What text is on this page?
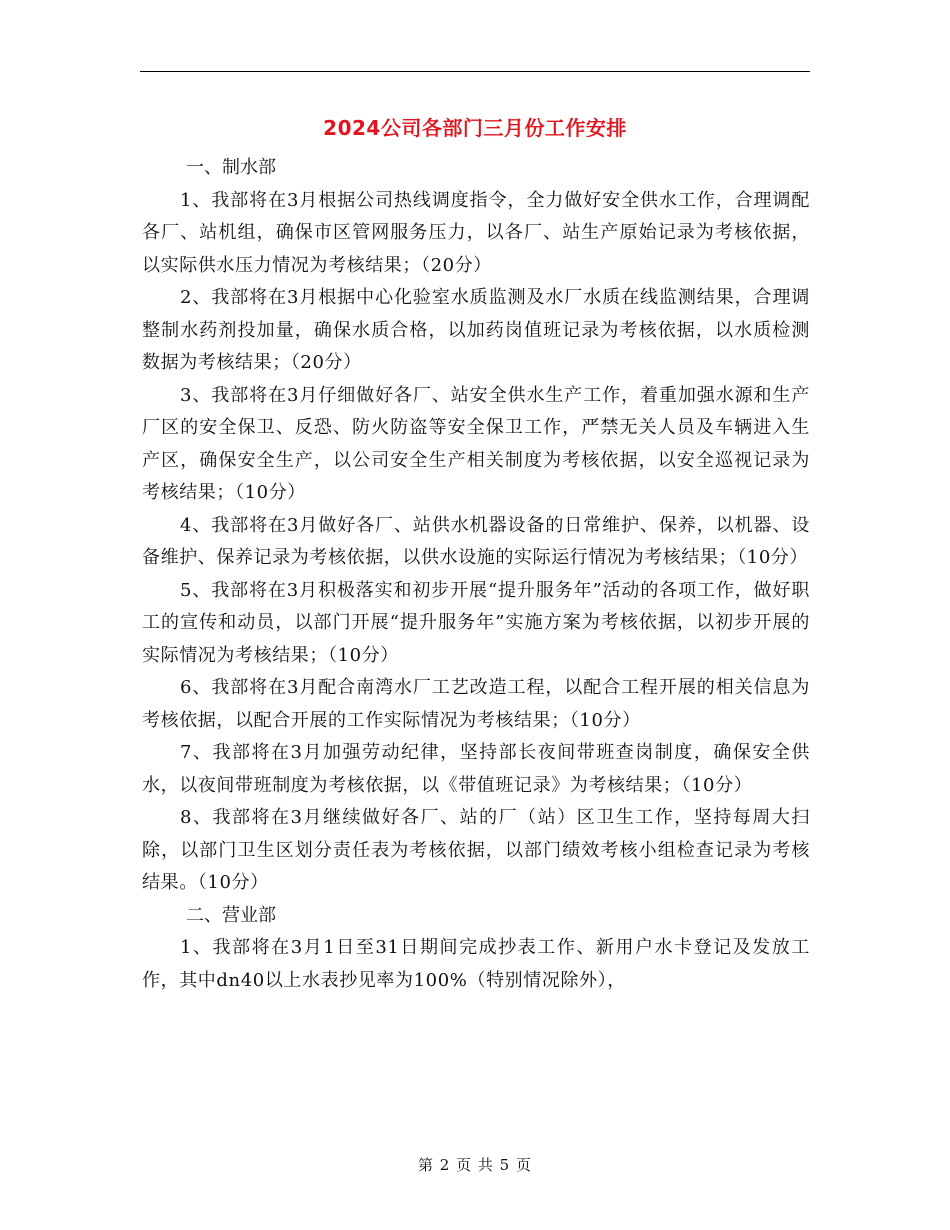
2024公司各部门三月份工作安排

一、制水部

1、我部将在3月根据公司热线调度指令，全力做好安全供水工作，合理调配各厂、站机组，确保市区管网服务压力，以各厂、站生产原始记录为考核依据，以实际供水压力情况为考核结果；（20分）

2、我部将在3月根据中心化验室水质监测及水厂水质在线监测结果，合理调整制水药剂投加量，确保水质合格，以加药岗值班记录为考核依据，以水质检测数据为考核结果；（20分）

3、我部将在3月仔细做好各厂、站安全供水生产工作，着重加强水源和生产厂区的安全保卫、反恐、防火防盗等安全保卫工作，严禁无关人员及车辆进入生产区，确保安全生产，以公司安全生产相关制度为考核依据，以安全巡视记录为考核结果；（10分）

4、我部将在3月做好各厂、站供水机器设备的日常维护、保养，以机器、设备维护、保养记录为考核依据，以供水设施的实际运行情况为考核结果；（10分）

5、我部将在3月积极落实和初步开展“提升服务年”活动的各项工作，做好职工的宣传和动员，以部门开展“提升服务年”实施方案为考核依据，以初步开展的实际情况为考核结果；（10分）

6、我部将在3月配合南湾水厂工艺改造工程，以配合工程开展的相关信息为考核依据，以配合开展的工作实际情况为考核结果；（10分）

7、我部将在3月加强劳动纪律，坚持部长夜间带班查岗制度，确保安全供水，以夜间带班制度为考核依据，以《带值班记录》为考核结果；（10分）

8、我部将在3月继续做好各厂、站的厂（站）区卫生工作，坚持每周大扫除，以部门卫生区划分责任表为考核依据，以部门绩效考核小组检查记录为考核结果。（10分）

二、营业部

1、我部将在3月1日至31日期间完成抄表工作、新用户水卡登记及发放工作，其中dn40以上水表抄见率为100%（特别情况除外），

第 2 页 共 5 页
